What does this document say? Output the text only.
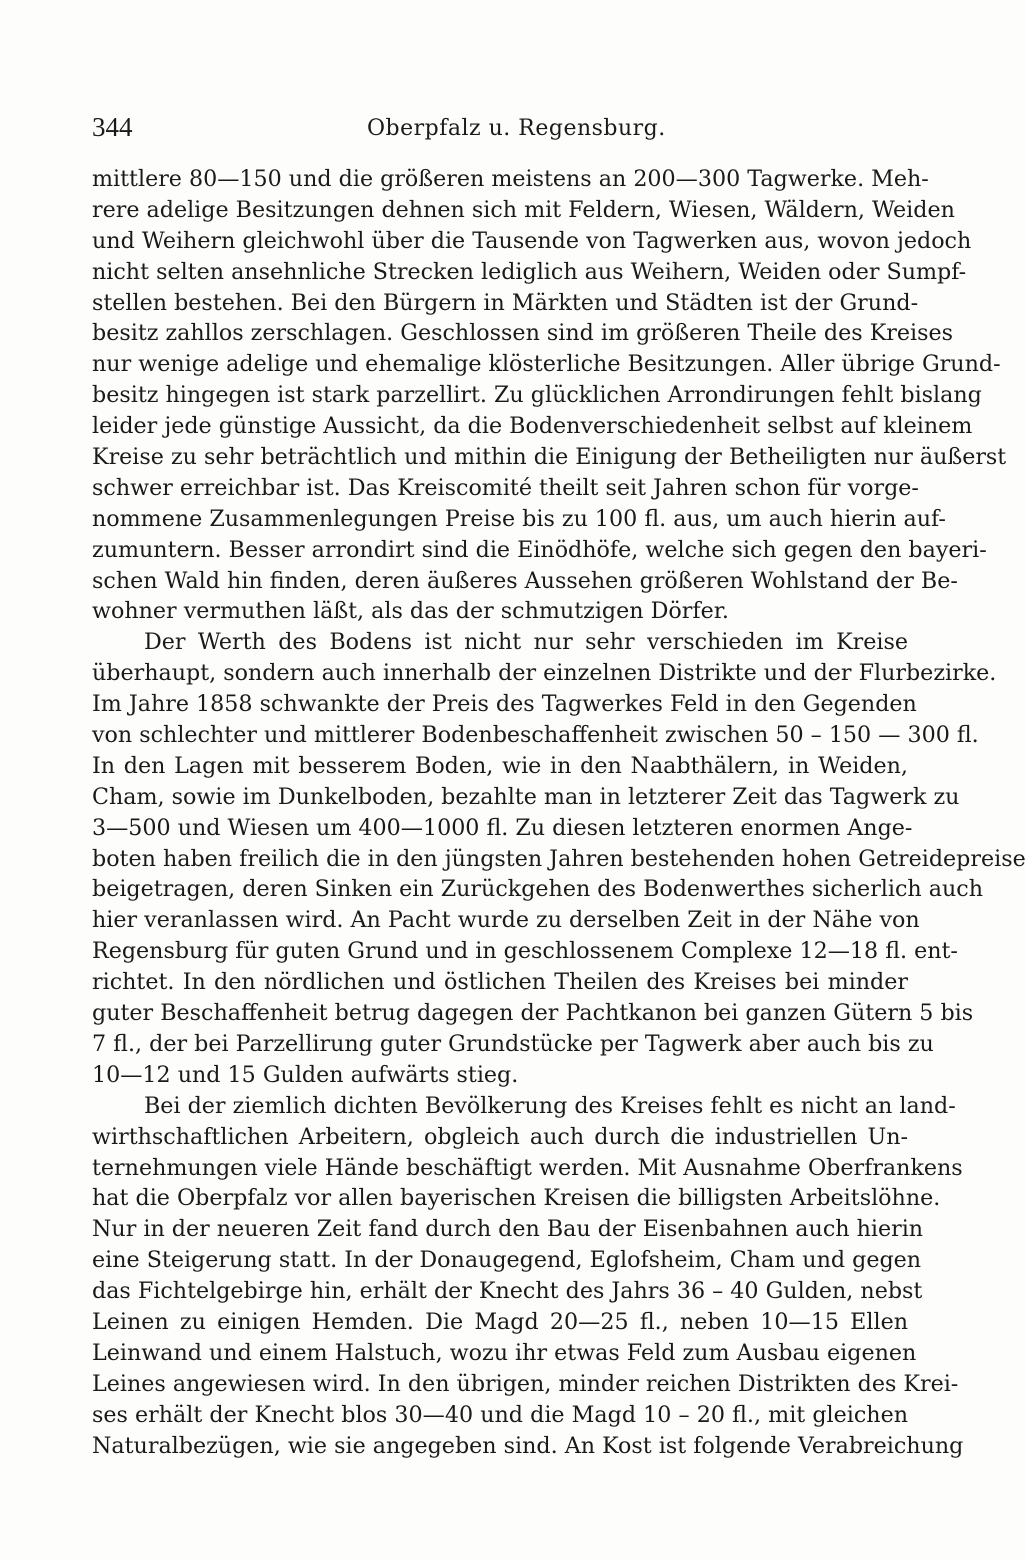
344	Oberpfalz u. Regensburg.
mittlere 80—150 und die größeren meistens an 200—300 Tagwerke. Meh-
rere adelige Besitzungen dehnen sich mit Feldern, Wiesen, Wäldern, Weiden
und Weihern gleichwohl über die Tausende von Tagwerken aus, wovon jedoch
nicht selten ansehnliche Strecken lediglich aus Weihern, Weiden oder Sumpf-
stellen bestehen. Bei den Bürgern in Märkten und Städten ist der Grund-
besitz zahllos zerschlagen. Geschlossen sind im größeren Theile des Kreises
nur wenige adelige und ehemalige klösterliche Besitzungen. Aller übrige Grund-
besitz hingegen ist stark parzellirt. Zu glücklichen Arrondirungen fehlt bislang
leider jede günstige Aussicht, da die Bodenverschiedenheit selbst auf kleinem
Kreise zu sehr beträchtlich und mithin die Einigung der Betheiligten nur äußerst
schwer erreichbar ist. Das Kreiscomité theilt seit Jahren schon für vorge-
nommene Zusammenlegungen Preise bis zu 100 fl. aus, um auch hierin auf-
zumuntern. Besser arrondirt sind die Einödhöfe, welche sich gegen den bayeri-
schen Wald hin finden, deren äußeres Aussehen größeren Wohlstand der Be-
wohner vermuthen läßt, als das der schmutzigen Dörfer.
Der Werth des Bodens ist nicht nur sehr verschieden im Kreise
überhaupt, sondern auch innerhalb der einzelnen Distrikte und der Flurbezirke.
Im Jahre 1858 schwankte der Preis des Tagwerkes Feld in den Gegenden
von schlechter und mittlerer Bodenbeschaffenheit zwischen 50 – 150 — 300 fl.
In den Lagen mit besserem Boden, wie in den Naabthälern, in Weiden,
Cham, sowie im Dunkelboden, bezahlte man in letzterer Zeit das Tagwerk zu
3—500 und Wiesen um 400—1000 fl. Zu diesen letzteren enormen Ange-
boten haben freilich die in den jüngsten Jahren bestehenden hohen Getreidepreise
beigetragen, deren Sinken ein Zurückgehen des Bodenwerthes sicherlich auch
hier veranlassen wird. An Pacht wurde zu derselben Zeit in der Nähe von
Regensburg für guten Grund und in geschlossenem Complexe 12—18 fl. ent-
richtet. In den nördlichen und östlichen Theilen des Kreises bei minder
guter Beschaffenheit betrug dagegen der Pachtkanon bei ganzen Gütern 5 bis
7 fl., der bei Parzellirung guter Grundstücke per Tagwerk aber auch bis zu
10—12 und 15 Gulden aufwärts stieg.
Bei der ziemlich dichten Bevölkerung des Kreises fehlt es nicht an land-
wirthschaftlichen Arbeitern, obgleich auch durch die industriellen Un-
ternehmungen viele Hände beschäftigt werden. Mit Ausnahme Oberfrankens
hat die Oberpfalz vor allen bayerischen Kreisen die billigsten Arbeitslöhne.
Nur in der neueren Zeit fand durch den Bau der Eisenbahnen auch hierin
eine Steigerung statt. In der Donaugegend, Eglofsheim, Cham und gegen
das Fichtelgebirge hin, erhält der Knecht des Jahrs 36 – 40 Gulden, nebst
Leinen zu einigen Hemden. Die Magd 20—25 fl., neben 10—15 Ellen
Leinwand und einem Halstuch, wozu ihr etwas Feld zum Ausbau eigenen
Leines angewiesen wird. In den übrigen, minder reichen Distrikten des Krei-
ses erhält der Knecht blos 30—40 und die Magd 10 – 20 fl., mit gleichen
Naturalbezügen, wie sie angegeben sind. An Kost ist folgende Verabreichung
